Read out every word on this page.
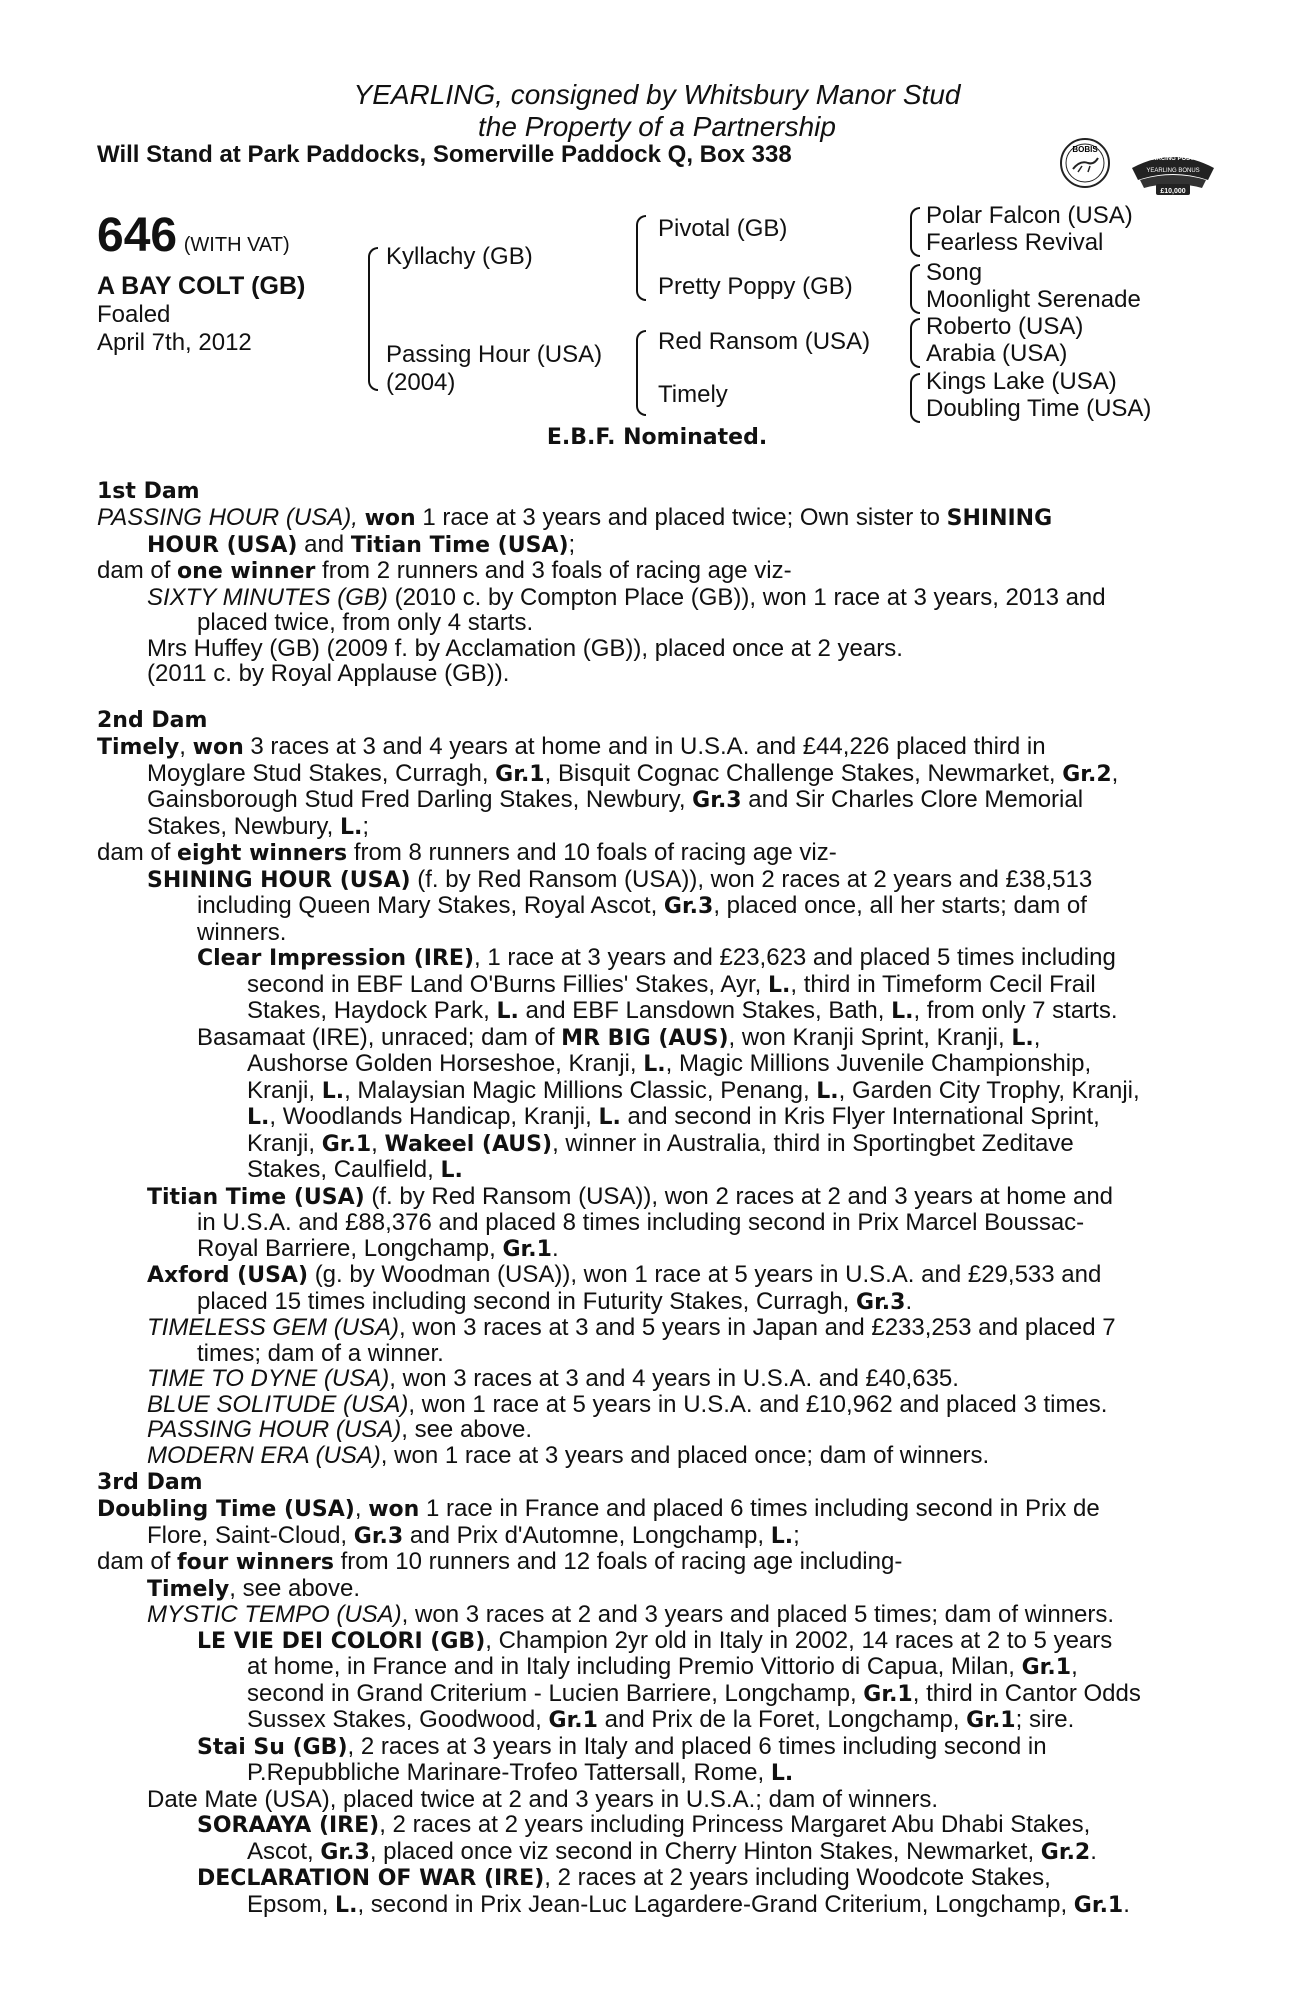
YEARLING, consigned by Whitsbury Manor Stud
the Property of a Partnership
Will Stand at Park Paddocks, Somerville Paddock Q, Box 338	BOBIS
RACING POST
YEARLING BONUS
£10,000
646 (WITH VAT)
A BAY COLT (GB)
Foaled
April 7th, 2012
Kyllachy (GB)
Passing Hour (USA)
(2004)
Pivotal (GB)
Pretty Poppy (GB)
Red Ransom (USA)
Timely
Polar Falcon (USA)
Fearless Revival
Song
Moonlight Serenade
Roberto (USA)
Arabia (USA)
Kings Lake (USA)
Doubling Time (USA)
E.B.F. Nominated.
1st Dam
PASSING HOUR (USA), won 1 race at 3 years and placed twice; Own sister to SHINING
HOUR (USA) and Titian Time (USA);
dam of one winner from 2 runners and 3 foals of racing age viz-
SIXTY MINUTES (GB) (2010 c. by Compton Place (GB)), won 1 race at 3 years, 2013 and
placed twice, from only 4 starts.
Mrs Huffey (GB) (2009 f. by Acclamation (GB)), placed once at 2 years.
(2011 c. by Royal Applause (GB)).
2nd Dam
Timely, won 3 races at 3 and 4 years at home and in U.S.A. and £44,226 placed third in
Moyglare Stud Stakes, Curragh, Gr.1, Bisquit Cognac Challenge Stakes, Newmarket, Gr.2,
Gainsborough Stud Fred Darling Stakes, Newbury, Gr.3 and Sir Charles Clore Memorial
Stakes, Newbury, L.;
dam of eight winners from 8 runners and 10 foals of racing age viz-
SHINING HOUR (USA) (f. by Red Ransom (USA)), won 2 races at 2 years and £38,513
including Queen Mary Stakes, Royal Ascot, Gr.3, placed once, all her starts; dam of
winners.
Clear Impression (IRE), 1 race at 3 years and £23,623 and placed 5 times including
second in EBF Land O'Burns Fillies' Stakes, Ayr, L., third in Timeform Cecil Frail
Stakes, Haydock Park, L. and EBF Lansdown Stakes, Bath, L., from only 7 starts.
Basamaat (IRE), unraced; dam of MR BIG (AUS), won Kranji Sprint, Kranji, L.,
Aushorse Golden Horseshoe, Kranji, L., Magic Millions Juvenile Championship,
Kranji, L., Malaysian Magic Millions Classic, Penang, L., Garden City Trophy, Kranji,
L., Woodlands Handicap, Kranji, L. and second in Kris Flyer International Sprint,
Kranji, Gr.1, Wakeel (AUS), winner in Australia, third in Sportingbet Zeditave
Stakes, Caulfield, L.
Titian Time (USA) (f. by Red Ransom (USA)), won 2 races at 2 and 3 years at home and
in U.S.A. and £88,376 and placed 8 times including second in Prix Marcel Boussac-
Royal Barriere, Longchamp, Gr.1.
Axford (USA) (g. by Woodman (USA)), won 1 race at 5 years in U.S.A. and £29,533 and
placed 15 times including second in Futurity Stakes, Curragh, Gr.3.
TIMELESS GEM (USA), won 3 races at 3 and 5 years in Japan and £233,253 and placed 7
times; dam of a winner.
TIME TO DYNE (USA), won 3 races at 3 and 4 years in U.S.A. and £40,635.
BLUE SOLITUDE (USA), won 1 race at 5 years in U.S.A. and £10,962 and placed 3 times.
PASSING HOUR (USA), see above.
MODERN ERA (USA), won 1 race at 3 years and placed once; dam of winners.
3rd Dam
Doubling Time (USA), won 1 race in France and placed 6 times including second in Prix de
Flore, Saint-Cloud, Gr.3 and Prix d'Automne, Longchamp, L.;
dam of four winners from 10 runners and 12 foals of racing age including-
Timely, see above.
MYSTIC TEMPO (USA), won 3 races at 2 and 3 years and placed 5 times; dam of winners.
LE VIE DEI COLORI (GB), Champion 2yr old in Italy in 2002, 14 races at 2 to 5 years
at home, in France and in Italy including Premio Vittorio di Capua, Milan, Gr.1,
second in Grand Criterium - Lucien Barriere, Longchamp, Gr.1, third in Cantor Odds
Sussex Stakes, Goodwood, Gr.1 and Prix de la Foret, Longchamp, Gr.1; sire.
Stai Su (GB), 2 races at 3 years in Italy and placed 6 times including second in
P.Repubbliche Marinare-Trofeo Tattersall, Rome, L.
Date Mate (USA), placed twice at 2 and 3 years in U.S.A.; dam of winners.
SORAAYA (IRE), 2 races at 2 years including Princess Margaret Abu Dhabi Stakes,
Ascot, Gr.3, placed once viz second in Cherry Hinton Stakes, Newmarket, Gr.2.
DECLARATION OF WAR (IRE), 2 races at 2 years including Woodcote Stakes,
Epsom, L., second in Prix Jean-Luc Lagardere-Grand Criterium, Longchamp, Gr.1.
